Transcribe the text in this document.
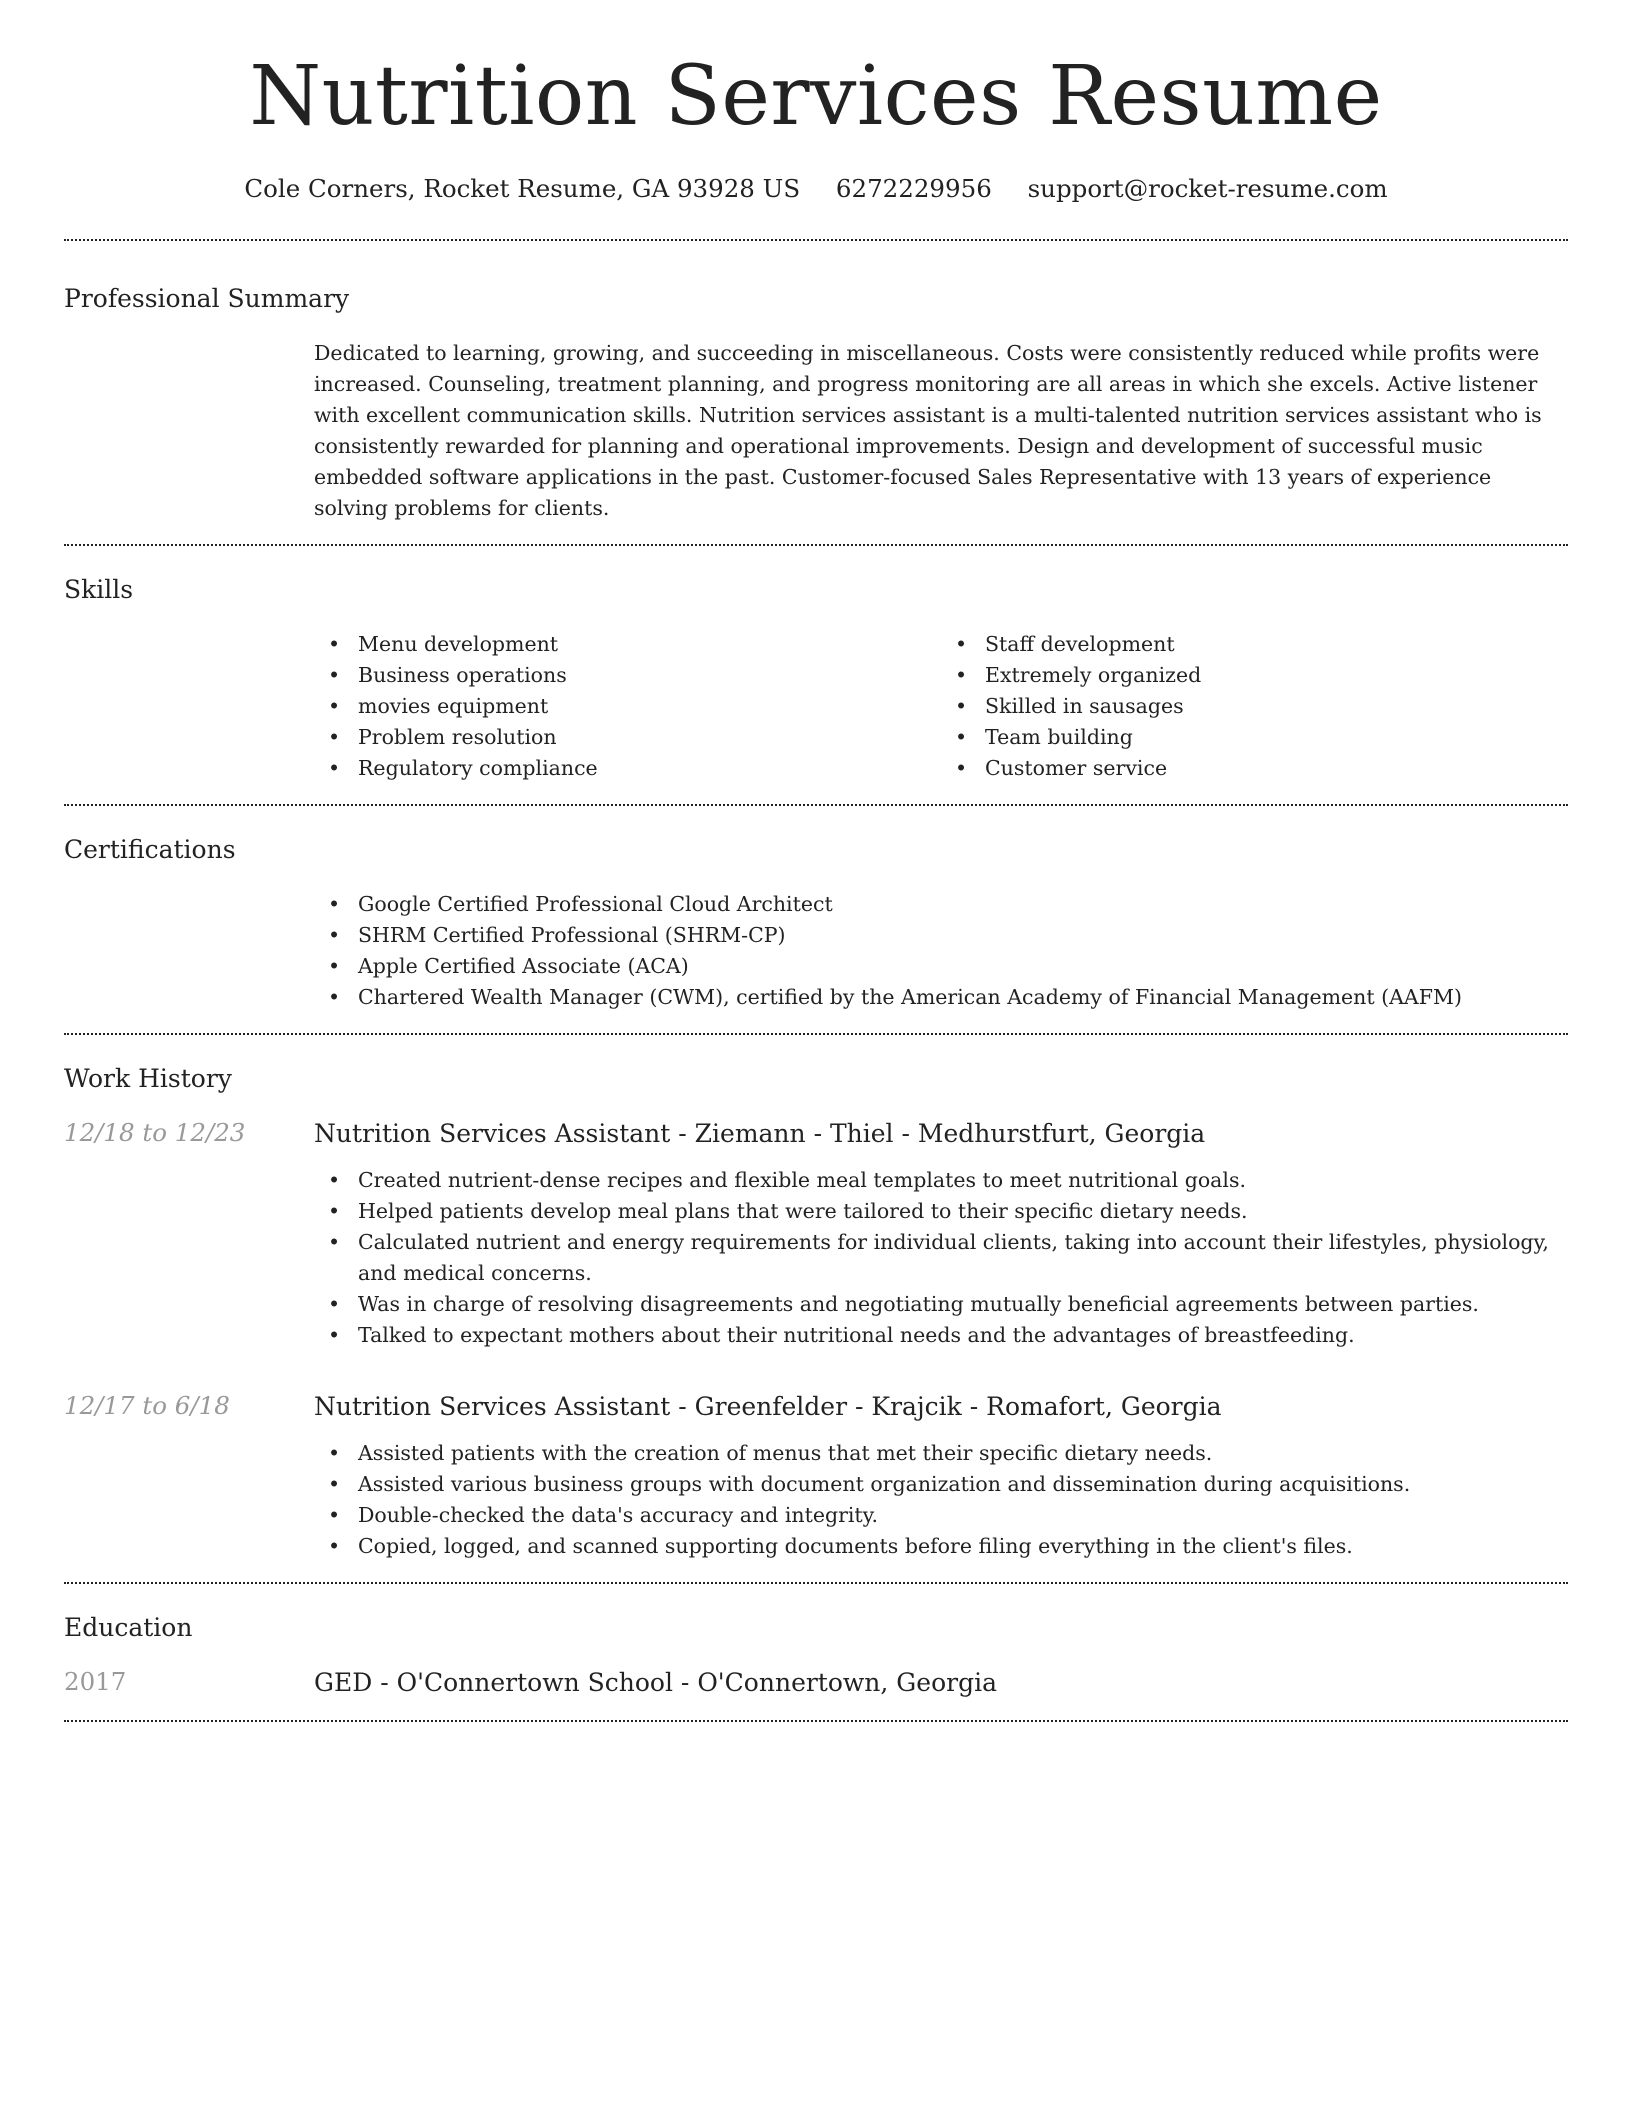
Nutrition Services Resume
Cole Corners, Rocket Resume, GA 93928 US 6272229956 support@rocket-resume.com
Professional Summary

Dedicated to learning, growing, and succeeding in miscellaneous. Costs were consistently reduced while profits were increased. Counseling, treatment planning, and progress monitoring are all areas in which she excels. Active listener with excellent communication skills. Nutrition services assistant is a multi-talented nutrition services assistant who is consistently rewarded for planning and operational improvements. Design and development of successful music embedded software applications in the past. Customer-focused Sales Representative with 13 years of experience solving problems for clients.

Skills
• Menu development
• Business operations
• movies equipment
• Problem resolution
• Regulatory compliance
• Staff development
• Extremely organized
• Skilled in sausages
• Team building
• Customer service
Certifications
• Google Certified Professional Cloud Architect
• SHRM Certified Professional (SHRM-CP)
• Apple Certified Associate (ACA)
• Chartered Wealth Manager (CWM), certified by the American Academy of Financial Management (AAFM)
Work History
12/18 to 12/23	Nutrition Services Assistant - Ziemann - Thiel - Medhurstfurt, Georgia
• Created nutrient-dense recipes and flexible meal templates to meet nutritional goals.
• Helped patients develop meal plans that were tailored to their specific dietary needs.
• Calculated nutrient and energy requirements for individual clients, taking into account their lifestyles, physiology, and medical concerns.
• Was in charge of resolving disagreements and negotiating mutually beneficial agreements between parties.
• Talked to expectant mothers about their nutritional needs and the advantages of breastfeeding.
12/17 to 6/18	Nutrition Services Assistant - Greenfelder - Krajcik - Romafort, Georgia
• Assisted patients with the creation of menus that met their specific dietary needs.
• Assisted various business groups with document organization and dissemination during acquisitions.
• Double-checked the data's accuracy and integrity.
• Copied, logged, and scanned supporting documents before filing everything in the client's files.
Education
2017	GED - O'Connertown School - O'Connertown, Georgia
